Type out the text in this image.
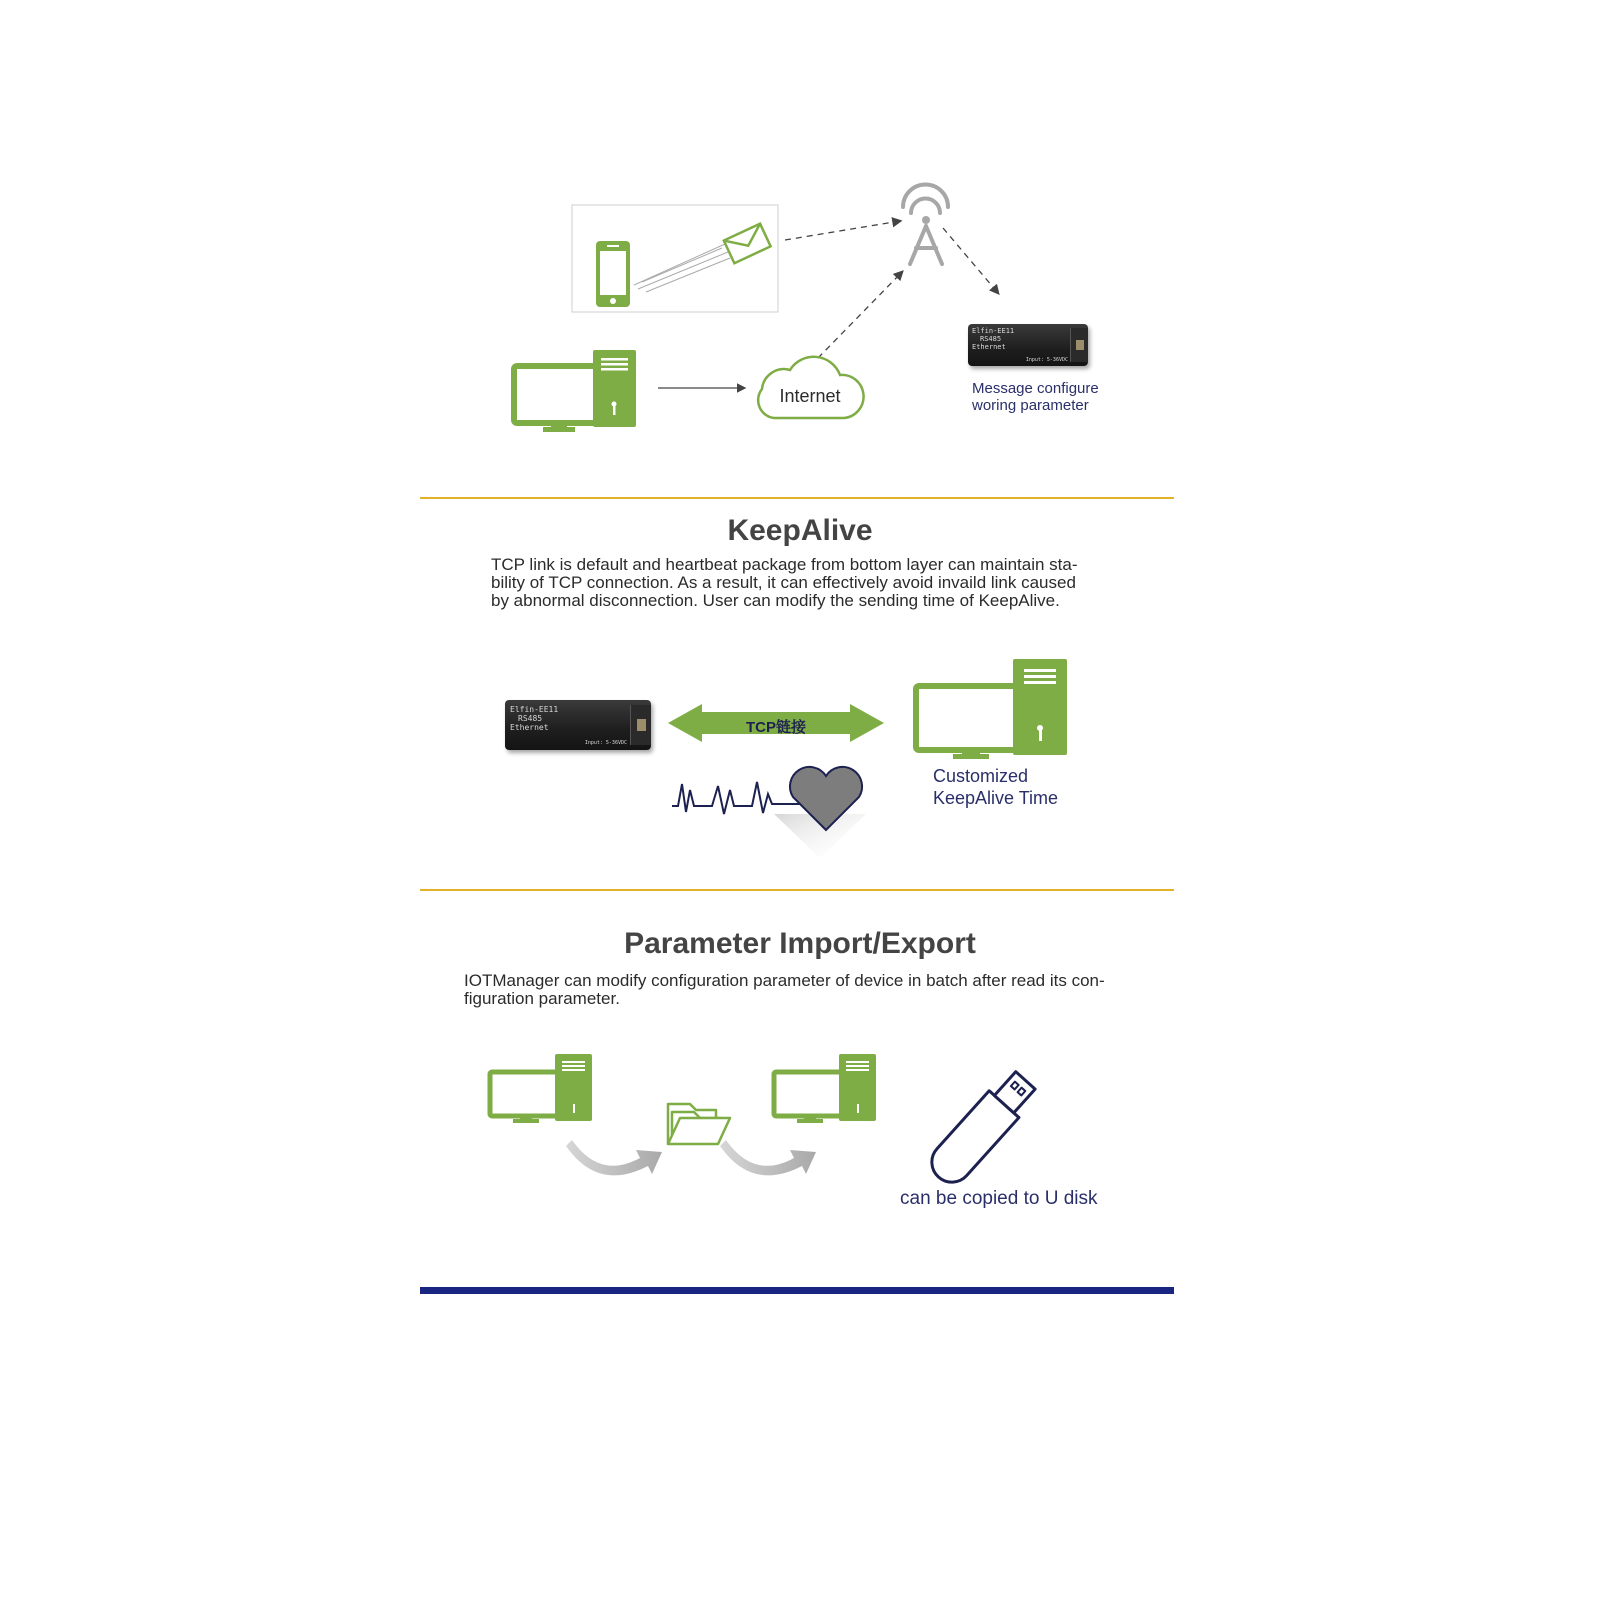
Internet
Elfin-EE11
RS485
Ethernet
Input: 5-36VDC
Message configure
woring parameter
KeepAlive
TCP link is default and heartbeat package from bottom layer can maintain sta-
bility of TCP connection. As a result, it can effectively avoid invaild link caused
by abnormal disconnection. User can modify the sending time of KeepAlive.
Elfin-EE11
RS485
Ethernet
Input: 5-36VDC
TCP链接
Customized
KeepAlive Time
Parameter Import/Export
IOTManager can modify configuration parameter of device in batch after read its con-
figuration parameter.
can be copied to U disk
